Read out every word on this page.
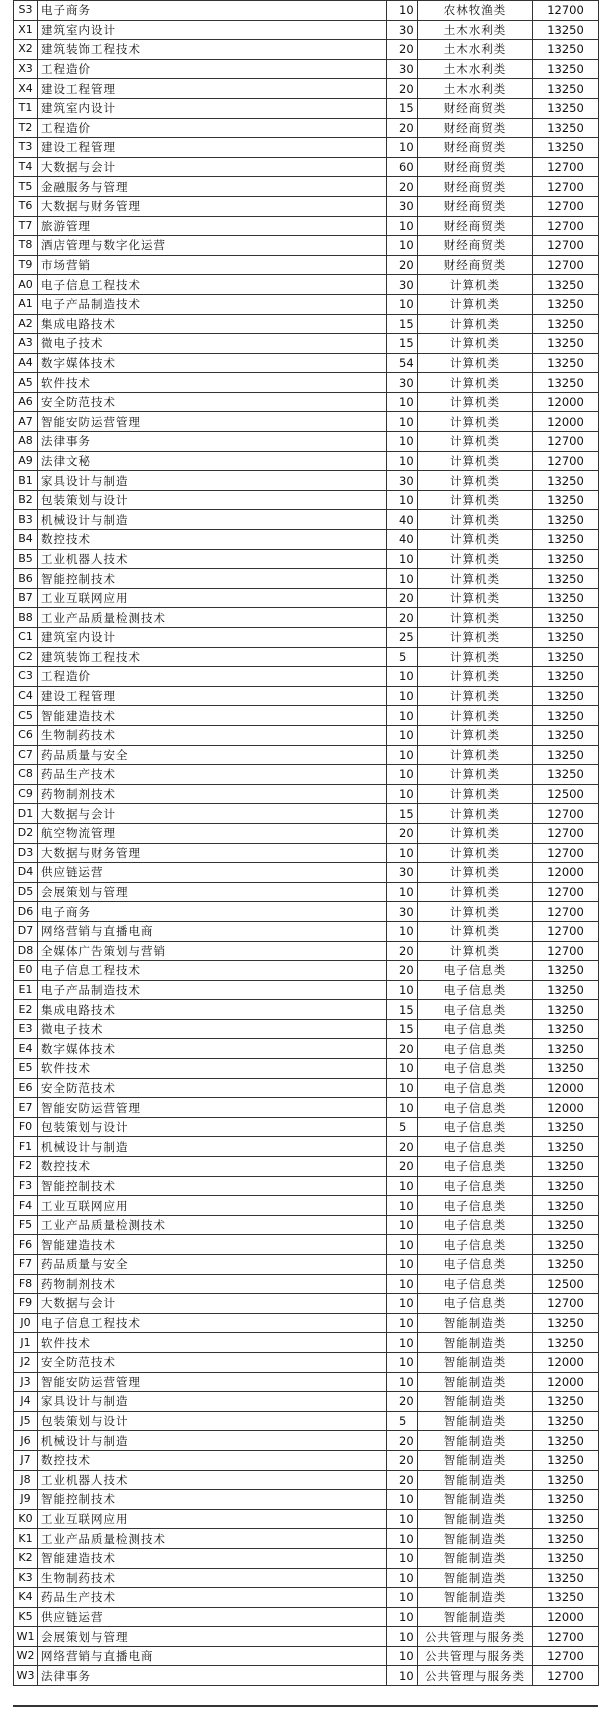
S3	电子商务	10	农林牧渔类	12700
X1	建筑室内设计	30	土木水利类	13250
X2	建筑装饰工程技术	20	土木水利类	13250
X3	工程造价	30	土木水利类	13250
X4	建设工程管理	20	土木水利类	13250
T1	建筑室内设计	15	财经商贸类	13250
T2	工程造价	20	财经商贸类	13250
T3	建设工程管理	10	财经商贸类	13250
T4	大数据与会计	60	财经商贸类	12700
T5	金融服务与管理	20	财经商贸类	12700
T6	大数据与财务管理	30	财经商贸类	12700
T7	旅游管理	10	财经商贸类	12700
T8	酒店管理与数字化运营	10	财经商贸类	12700
T9	市场营销	20	财经商贸类	12700
A0	电子信息工程技术	30	计算机类	13250
A1	电子产品制造技术	10	计算机类	13250
A2	集成电路技术	15	计算机类	13250
A3	微电子技术	15	计算机类	13250
A4	数字媒体技术	54	计算机类	13250
A5	软件技术	30	计算机类	13250
A6	安全防范技术	10	计算机类	12000
A7	智能安防运营管理	10	计算机类	12000
A8	法律事务	10	计算机类	12700
A9	法律文秘	10	计算机类	12700
B1	家具设计与制造	30	计算机类	13250
B2	包装策划与设计	10	计算机类	13250
B3	机械设计与制造	40	计算机类	13250
B4	数控技术	40	计算机类	13250
B5	工业机器人技术	10	计算机类	13250
B6	智能控制技术	10	计算机类	13250
B7	工业互联网应用	20	计算机类	13250
B8	工业产品质量检测技术	20	计算机类	13250
C1	建筑室内设计	25	计算机类	13250
C2	建筑装饰工程技术	5	计算机类	13250
C3	工程造价	10	计算机类	13250
C4	建设工程管理	10	计算机类	13250
C5	智能建造技术	10	计算机类	13250
C6	生物制药技术	10	计算机类	13250
C7	药品质量与安全	10	计算机类	13250
C8	药品生产技术	10	计算机类	13250
C9	药物制剂技术	10	计算机类	12500
D1	大数据与会计	15	计算机类	12700
D2	航空物流管理	20	计算机类	12700
D3	大数据与财务管理	10	计算机类	12700
D4	供应链运营	30	计算机类	12000
D5	会展策划与管理	10	计算机类	12700
D6	电子商务	30	计算机类	12700
D7	网络营销与直播电商	10	计算机类	12700
D8	全媒体广告策划与营销	20	计算机类	12700
E0	电子信息工程技术	20	电子信息类	13250
E1	电子产品制造技术	10	电子信息类	13250
E2	集成电路技术	15	电子信息类	13250
E3	微电子技术	15	电子信息类	13250
E4	数字媒体技术	20	电子信息类	13250
E5	软件技术	10	电子信息类	13250
E6	安全防范技术	10	电子信息类	12000
E7	智能安防运营管理	10	电子信息类	12000
F0	包装策划与设计	5	电子信息类	13250
F1	机械设计与制造	20	电子信息类	13250
F2	数控技术	20	电子信息类	13250
F3	智能控制技术	10	电子信息类	13250
F4	工业互联网应用	10	电子信息类	13250
F5	工业产品质量检测技术	10	电子信息类	13250
F6	智能建造技术	10	电子信息类	13250
F7	药品质量与安全	10	电子信息类	13250
F8	药物制剂技术	10	电子信息类	12500
F9	大数据与会计	10	电子信息类	12700
J0	电子信息工程技术	10	智能制造类	13250
J1	软件技术	10	智能制造类	13250
J2	安全防范技术	10	智能制造类	12000
J3	智能安防运营管理	10	智能制造类	12000
J4	家具设计与制造	20	智能制造类	13250
J5	包装策划与设计	5	智能制造类	13250
J6	机械设计与制造	20	智能制造类	13250
J7	数控技术	20	智能制造类	13250
J8	工业机器人技术	20	智能制造类	13250
J9	智能控制技术	10	智能制造类	13250
K0	工业互联网应用	10	智能制造类	13250
K1	工业产品质量检测技术	10	智能制造类	13250
K2	智能建造技术	10	智能制造类	13250
K3	生物制药技术	10	智能制造类	13250
K4	药品生产技术	10	智能制造类	13250
K5	供应链运营	10	智能制造类	12000
W1	会展策划与管理	10	公共管理与服务类	12700
W2	网络营销与直播电商	10	公共管理与服务类	12700
W3	法律事务	10	公共管理与服务类	12700
